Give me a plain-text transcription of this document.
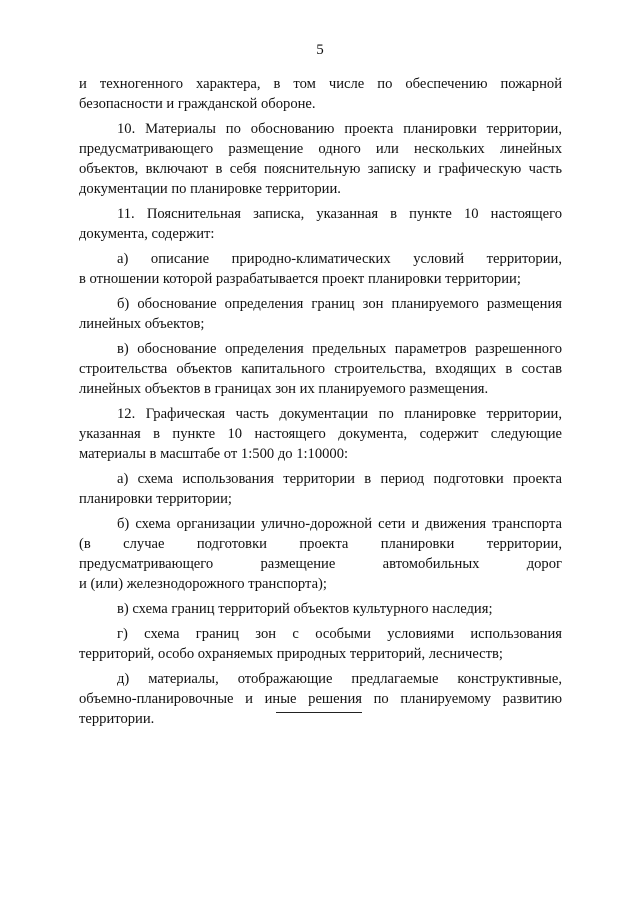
5
и техногенного характера, в том числе по обеспечению пожарной
безопасности и гражданской обороне.
10. Материалы по обоснованию проекта планировки территории,
предусматривающего размещение одного или нескольких линейных
объектов, включают в себя пояснительную записку и графическую часть
документации по планировке территории.
11. Пояснительная записка, указанная в пункте 10 настоящего
документа, содержит:
а) описание природно-климатических условий территории,
в отношении которой разрабатывается проект планировки территории;
б) обоснование определения границ зон планируемого размещения
линейных объектов;
в) обоснование определения предельных параметров разрешенного
строительства объектов капитального строительства, входящих в состав
линейных объектов в границах зон их планируемого размещения.
12. Графическая часть документации по планировке территории,
указанная в пункте 10 настоящего документа, содержит следующие
материалы в масштабе от 1:500 до 1:10000:
а) схема использования территории в период подготовки проекта
планировки территории;
б) схема организации улично-дорожной сети и движения транспорта
(в случае подготовки проекта планировки территории,
предусматривающего размещение автомобильных дорог
и (или) железнодорожного транспорта);
в) схема границ территорий объектов культурного наследия;
г) схема границ зон с особыми условиями использования
территорий, особо охраняемых природных территорий, лесничеств;
д) материалы, отображающие предлагаемые конструктивные,
объемно-планировочные и иные решения по планируемому развитию
территории.
